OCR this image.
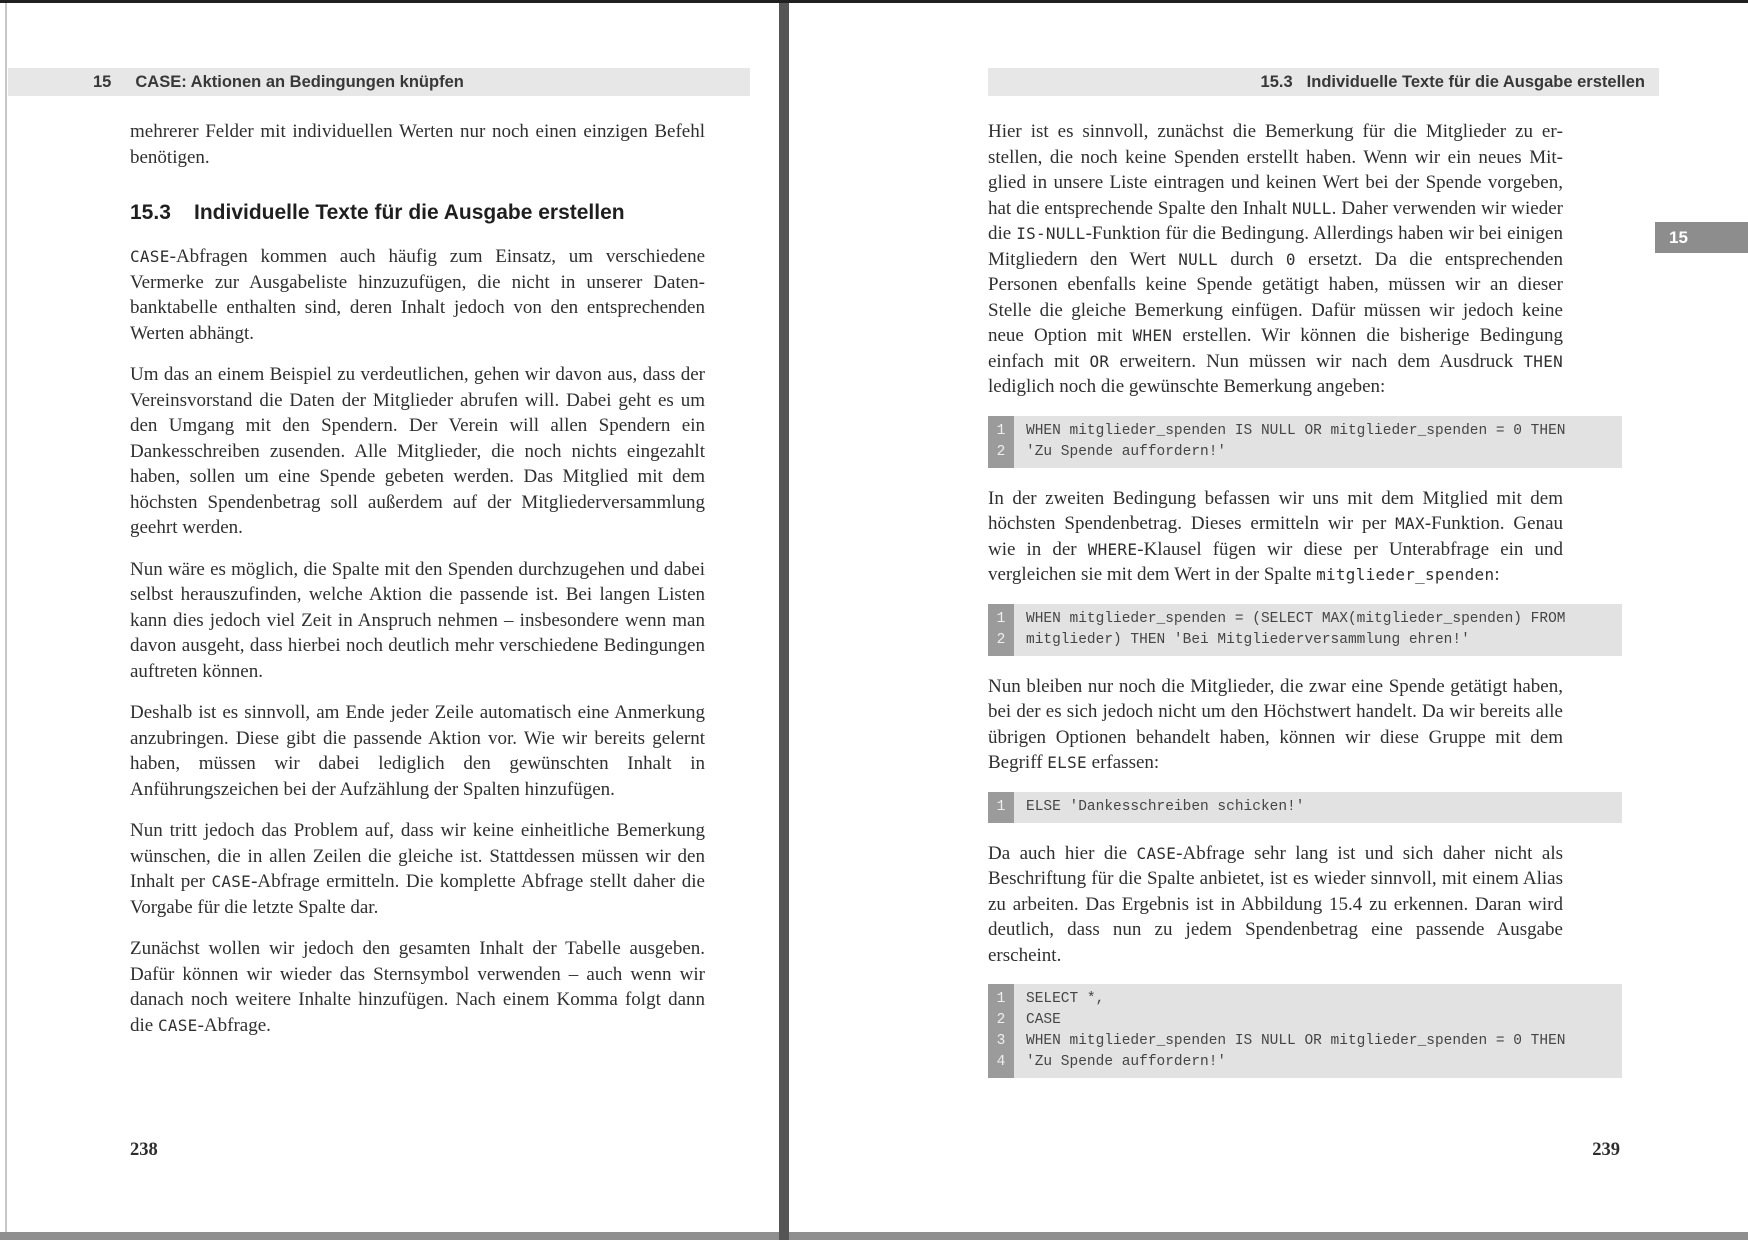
15 CASE: Aktionen an Bedingungen knüpfen

mehrerer Felder mit individuellen Werten nur noch einen einzigen Befehl benötigen.

15.3	Individuelle Texte für die Ausgabe erstellen

CASE-Abfragen kommen auch häufig zum Einsatz, um verschiedene Vermerke zur Ausgabeliste hinzuzufügen, die nicht in unserer Datenbanktabelle enthalten sind, deren Inhalt jedoch von den entsprechenden Werten abhängt.

Um das an einem Beispiel zu verdeutlichen, gehen wir davon aus, dass der Vereinsvorstand die Daten der Mitglieder abrufen will. Dabei geht es um den Umgang mit den Spendern. Der Verein will allen Spendern ein Dankesschreiben zusenden. Alle Mitglieder, die noch nichts eingezahlt haben, sollen um eine Spende gebeten werden. Das Mitglied mit dem höchsten Spendenbetrag soll außerdem auf der Mitgliederversammlung geehrt werden.

Nun wäre es möglich, die Spalte mit den Spenden durchzugehen und dabei selbst herauszufinden, welche Aktion die passende ist. Bei langen Listen kann dies jedoch viel Zeit in Anspruch nehmen – insbesondere wenn man davon ausgeht, dass hierbei noch deutlich mehr verschiedene Bedingungen auftreten können.

Deshalb ist es sinnvoll, am Ende jeder Zeile automatisch eine Anmerkung anzubringen. Diese gibt die passende Aktion vor. Wie wir bereits gelernt haben, müssen wir dabei lediglich den gewünschten Inhalt in Anführungszeichen bei der Aufzählung der Spalten hinzufügen.

Nun tritt jedoch das Problem auf, dass wir keine einheitliche Bemerkung wünschen, die in allen Zeilen die gleiche ist. Stattdessen müssen wir den Inhalt per CASE-Abfrage ermitteln. Die komplette Abfrage stellt daher die Vorgabe für die letzte Spalte dar.

Zunächst wollen wir jedoch den gesamten Inhalt der Tabelle ausgeben. Dafür können wir wieder das Sternsymbol verwenden – auch wenn wir danach noch weitere Inhalte hinzufügen. Nach einem Komma folgt dann die CASE-Abfrage.

238
15.3 Individuelle Texte für die Ausgabe erstellen

Hier ist es sinnvoll, zunächst die Bemerkung für die Mitglieder zu erstellen, die noch keine Spenden erstellt haben. Wenn wir ein neues Mitglied in unsere Liste eintragen und keinen Wert bei der Spende vorgeben, hat die entsprechende Spalte den Inhalt NULL. Daher verwenden wir wieder die IS-NULL-Funktion für die Bedingung. Allerdings haben wir bei einigen Mitgliedern den Wert NULL durch 0 ersetzt. Da die entsprechenden Personen ebenfalls keine Spende getätigt haben, müssen wir an dieser Stelle die gleiche Bemerkung einfügen. Dafür müssen wir jedoch keine neue Option mit WHEN erstellen. Wir können die bisherige Bedingung einfach mit OR erweitern. Nun müssen wir nach dem Ausdruck THEN lediglich noch die gewünschte Bemerkung angeben:

1
2
WHEN mitglieder_spenden IS NULL OR mitglieder_spenden = 0 THEN
'Zu Spende auffordern!'

In der zweiten Bedingung befassen wir uns mit dem Mitglied mit dem höchsten Spendenbetrag. Dieses ermitteln wir per MAX-Funktion. Genau wie in der WHERE-Klausel fügen wir diese per Unterabfrage ein und vergleichen sie mit dem Wert in der Spalte mitglieder_spenden:

1
2
WHEN mitglieder_spenden = (SELECT MAX(mitglieder_spenden) FROM
mitglieder) THEN 'Bei Mitgliederversammlung ehren!'

Nun bleiben nur noch die Mitglieder, die zwar eine Spende getätigt haben, bei der es sich jedoch nicht um den Höchstwert handelt. Da wir bereits alle übrigen Optionen behandelt haben, können wir diese Gruppe mit dem Begriff ELSE erfassen:

1	ELSE 'Dankesschreiben schicken!'

Da auch hier die CASE-Abfrage sehr lang ist und sich daher nicht als Beschriftung für die Spalte anbietet, ist es wieder sinnvoll, mit einem Alias zu arbeiten. Das Ergebnis ist in Abbildung 15.4 zu erkennen. Daran wird deutlich, dass nun zu jedem Spendenbetrag eine passende Ausgabe erscheint.

1
2
3
4
SELECT *,
CASE
WHEN mitglieder_spenden IS NULL OR mitglieder_spenden = 0 THEN
'Zu Spende auffordern!'
239
15
